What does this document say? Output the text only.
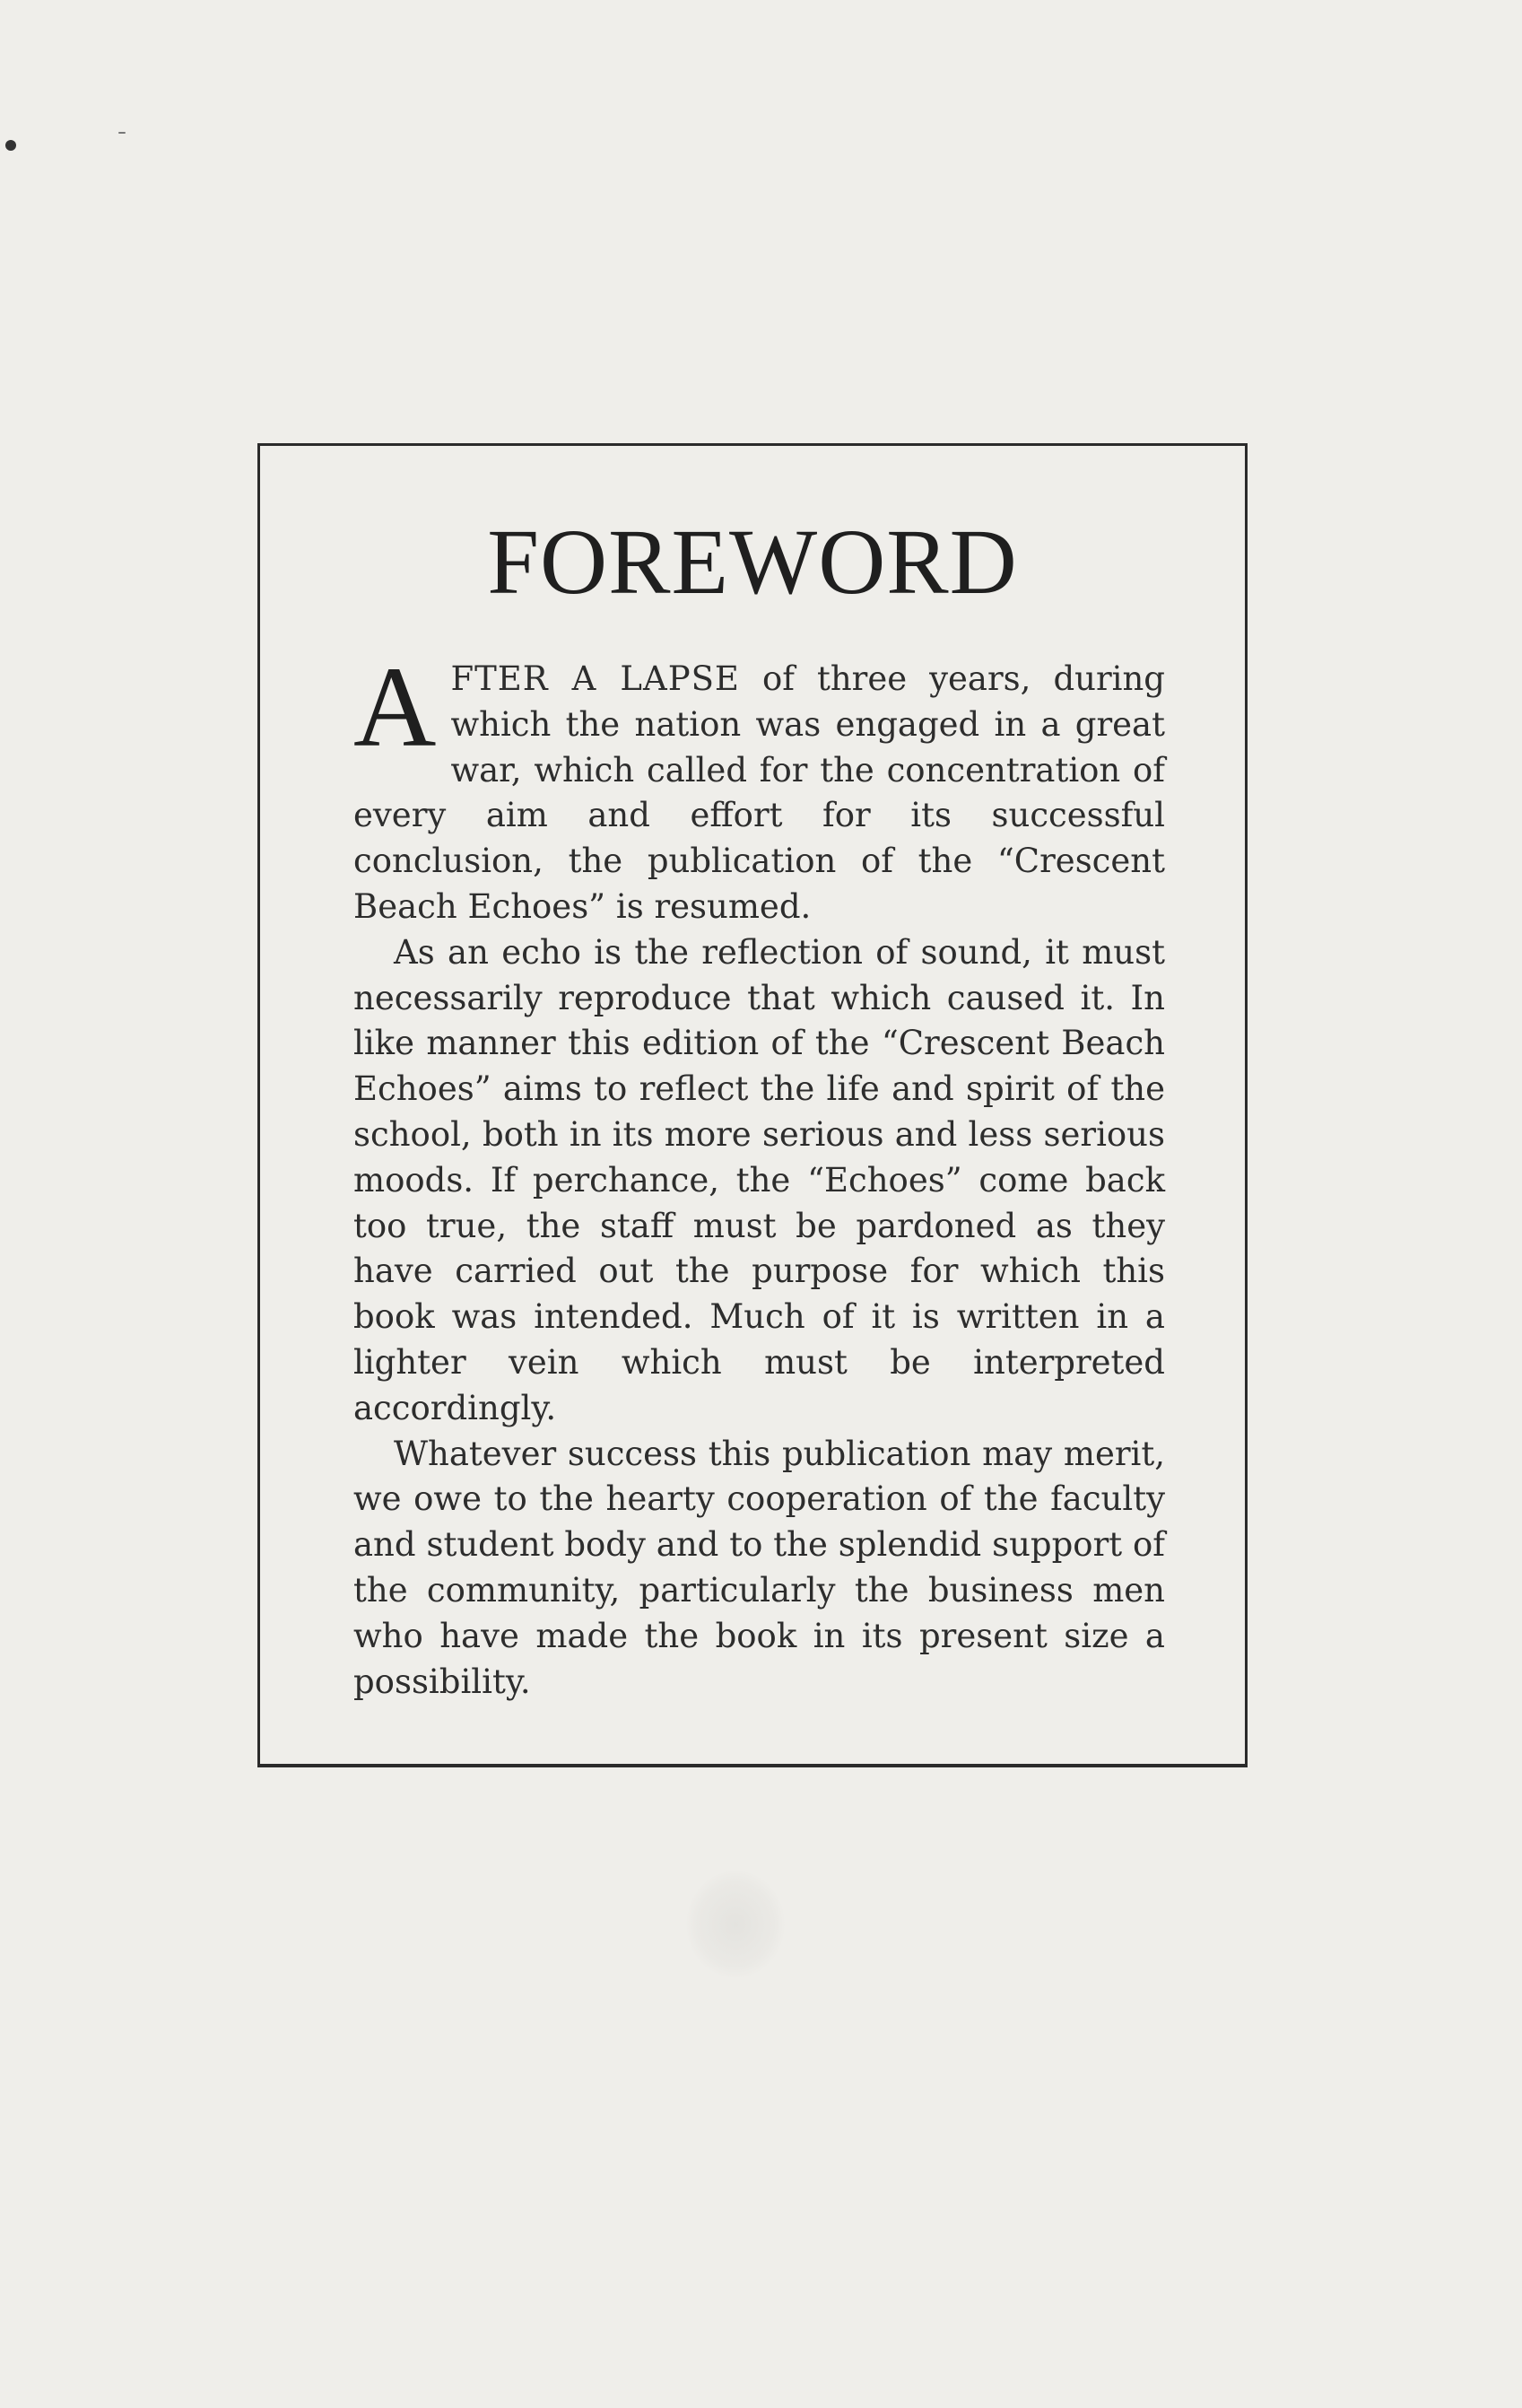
FOREWORD

AFTER A LAPSE of three years, during which the nation was engaged in a great war, which called for the concentration of every aim and effort for its successful conclusion, the publication of the “Crescent Beach Echoes” is resumed.

As an echo is the reflection of sound, it must necessarily reproduce that which caused it. In like manner this edition of the “Crescent Beach Echoes” aims to reflect the life and spirit of the school, both in its more serious and less serious moods. If perchance, the “Echoes” come back too true, the staff must be pardoned as they have carried out the purpose for which this book was intended. Much of it is written in a lighter vein which must be interpreted accordingly.

Whatever success this publication may merit, we owe to the hearty cooperation of the faculty and student body and to the splendid support of the community, particularly the business men who have made the book in its present size a possibility.
